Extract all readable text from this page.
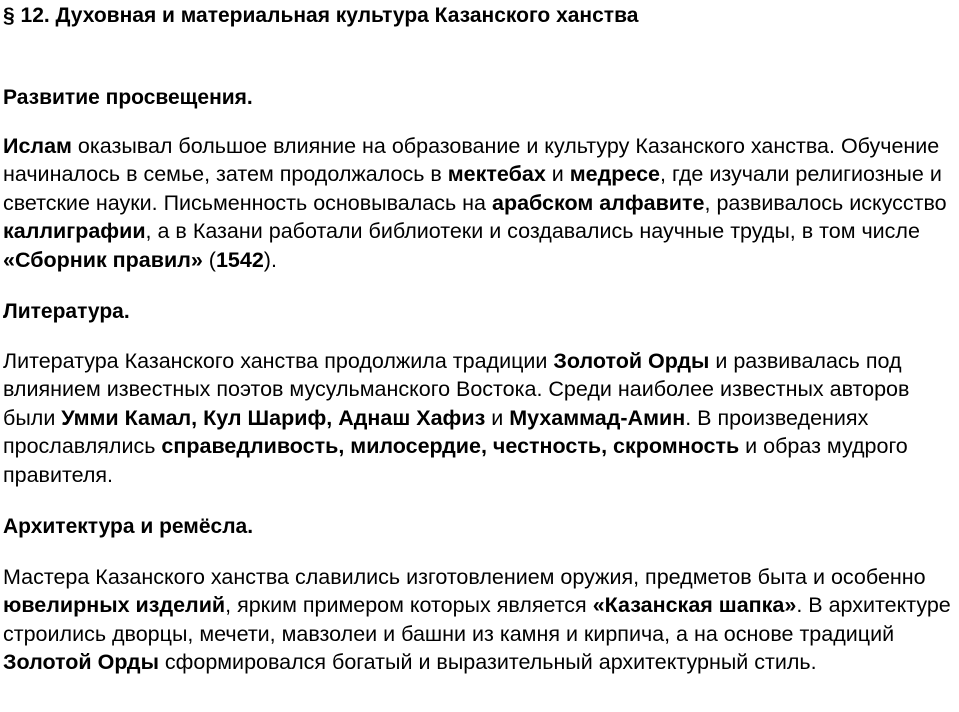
§ 12. Духовная и материальная культура Казанского ханства
Развитие просвещения.

Ислам оказывал большое влияние на образование и культуру Казанского ханства. Обучение начиналось в семье, затем продолжалось в мектебах и медресе, где изучали религиозные и светские науки. Письменность основывалась на арабском алфавите, развивалось искусство каллиграфии, а в Казани работали библиотеки и создавались научные труды, в том числе «Сборник правил» (1542).

Литература.

Литература Казанского ханства продолжила традиции Золотой Орды и развивалась под влиянием известных поэтов мусульманского Востока. Среди наиболее известных авторов были Умми Камал, Кул Шариф, Аднаш Хафиз и Мухаммад-Амин. В произведениях прославлялись справедливость, милосердие, честность, скромность и образ мудрого правителя.

Архитектура и ремёсла.

Мастера Казанского ханства славились изготовлением оружия, предметов быта и особенно ювелирных изделий, ярким примером которых является «Казанская шапка». В архитектуре строились дворцы, мечети, мавзолеи и башни из камня и кирпича, а на основе традиций Золотой Орды сформировался богатый и выразительный архитектурный стиль.
